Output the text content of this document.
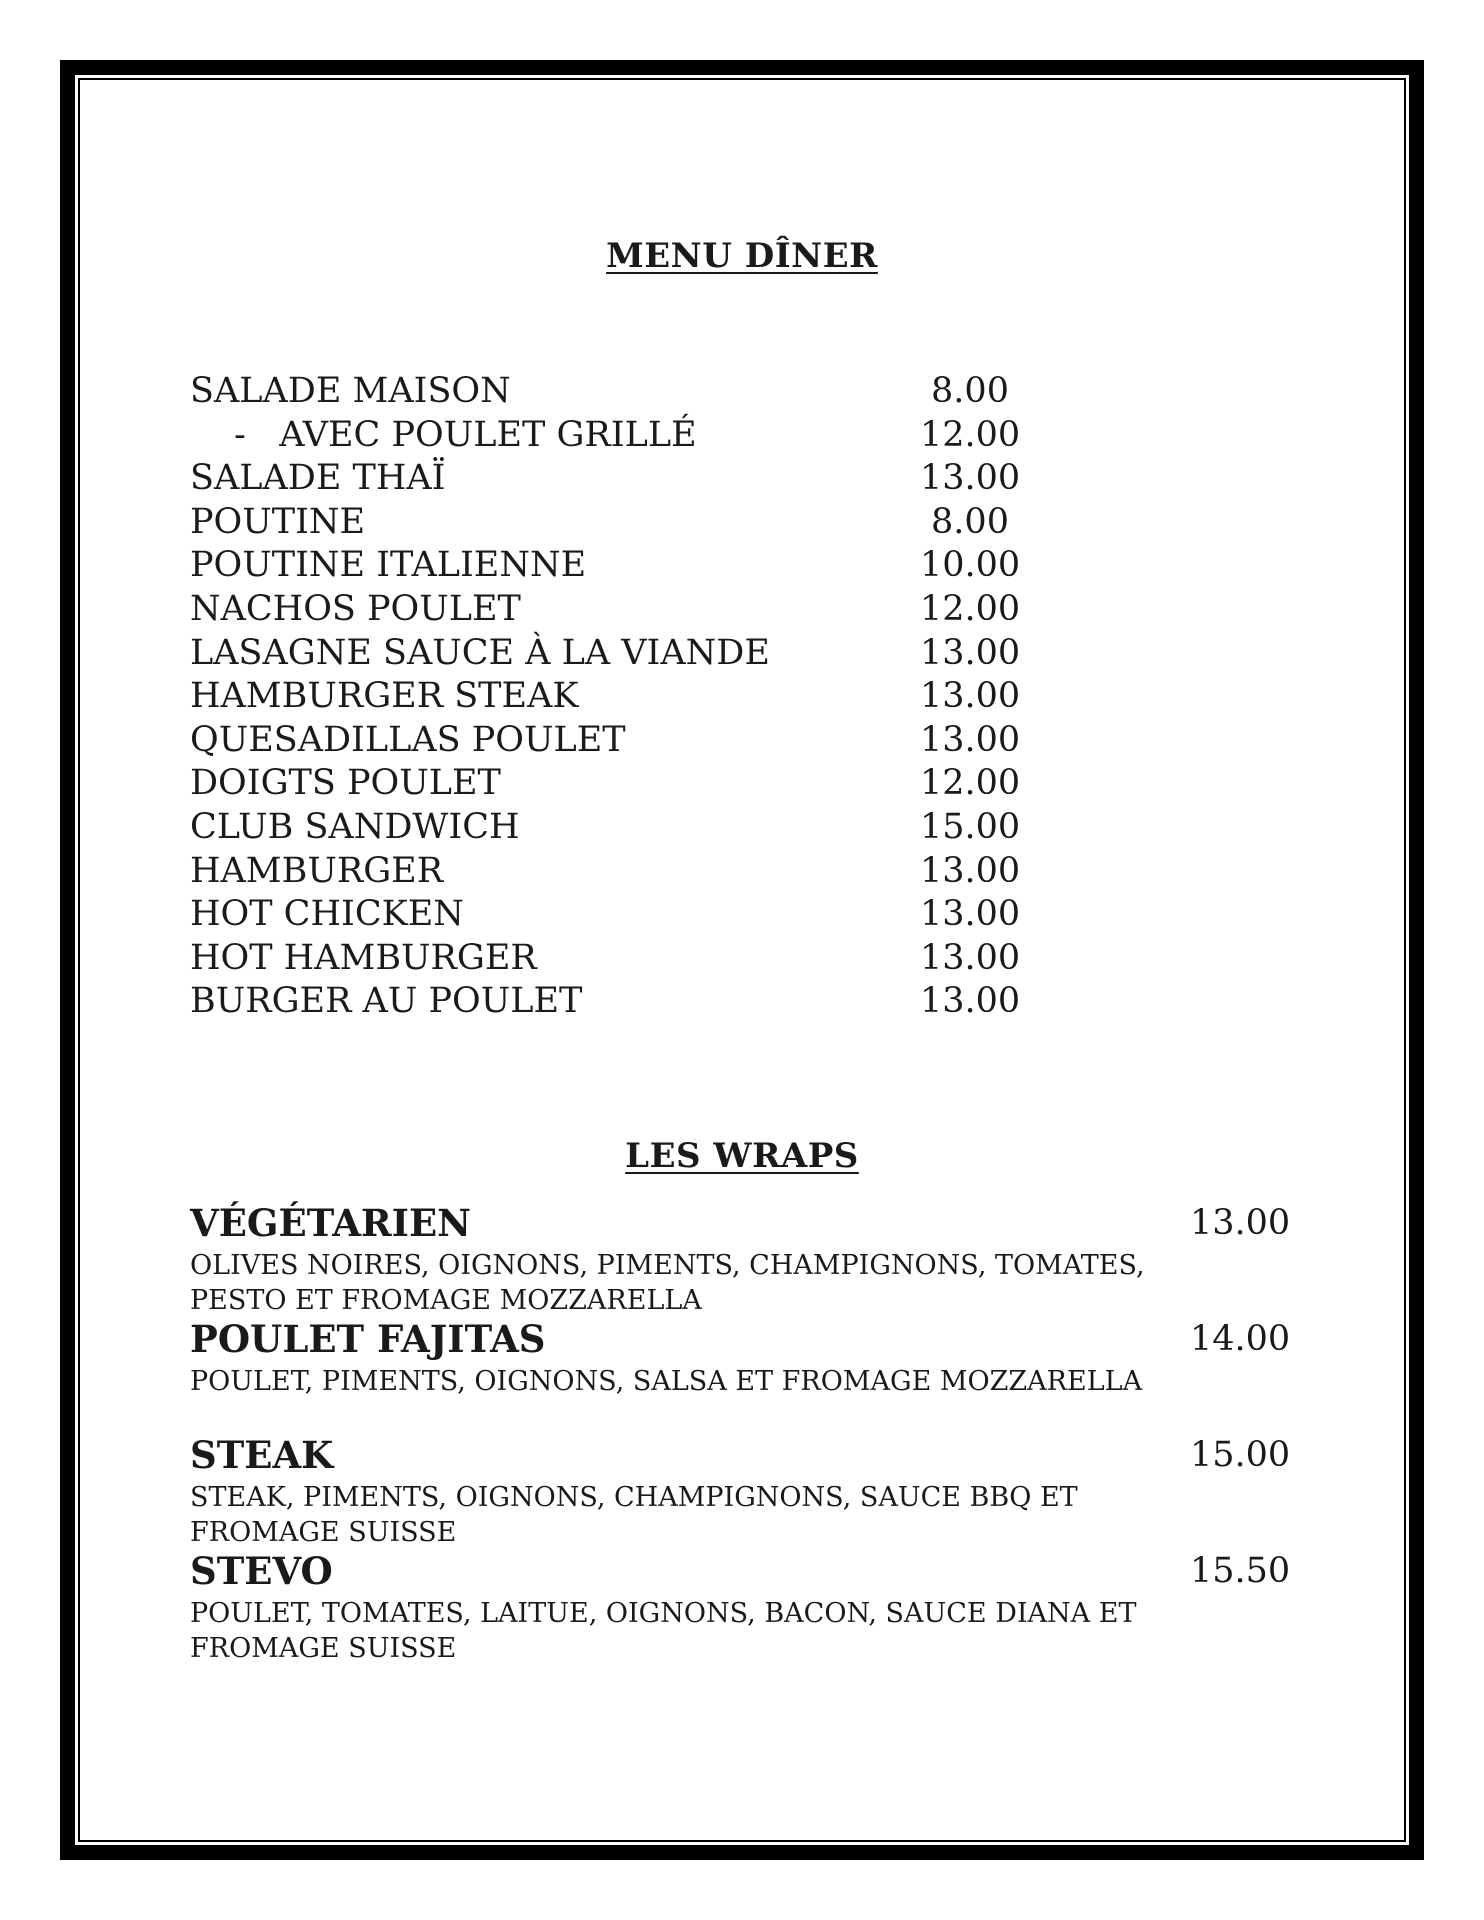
MENU DÎNER
SALADE MAISON	8.00
-   AVEC POULET GRILLÉ	12.00
SALADE THAÏ	13.00
POUTINE	8.00
POUTINE ITALIENNE	10.00
NACHOS POULET	12.00
LASAGNE SAUCE À LA VIANDE	13.00
HAMBURGER STEAK	13.00
QUESADILLAS POULET	13.00
DOIGTS POULET	12.00
CLUB SANDWICH	15.00
HAMBURGER	13.00
HOT CHICKEN	13.00
HOT HAMBURGER	13.00
BURGER AU POULET	13.00
LES WRAPS
VÉGÉTARIEN	13.00

OLIVES NOIRES, OIGNONS, PIMENTS, CHAMPIGNONS, TOMATES, PESTO ET FROMAGE MOZZARELLA

POULET FAJITAS	14.00

POULET, PIMENTS, OIGNONS, SALSA ET FROMAGE MOZZARELLA

STEAK	15.00

STEAK, PIMENTS, OIGNONS, CHAMPIGNONS, SAUCE BBQ ET FROMAGE SUISSE

STEVO	15.50

POULET, TOMATES, LAITUE, OIGNONS, BACON, SAUCE DIANA ET FROMAGE SUISSE
